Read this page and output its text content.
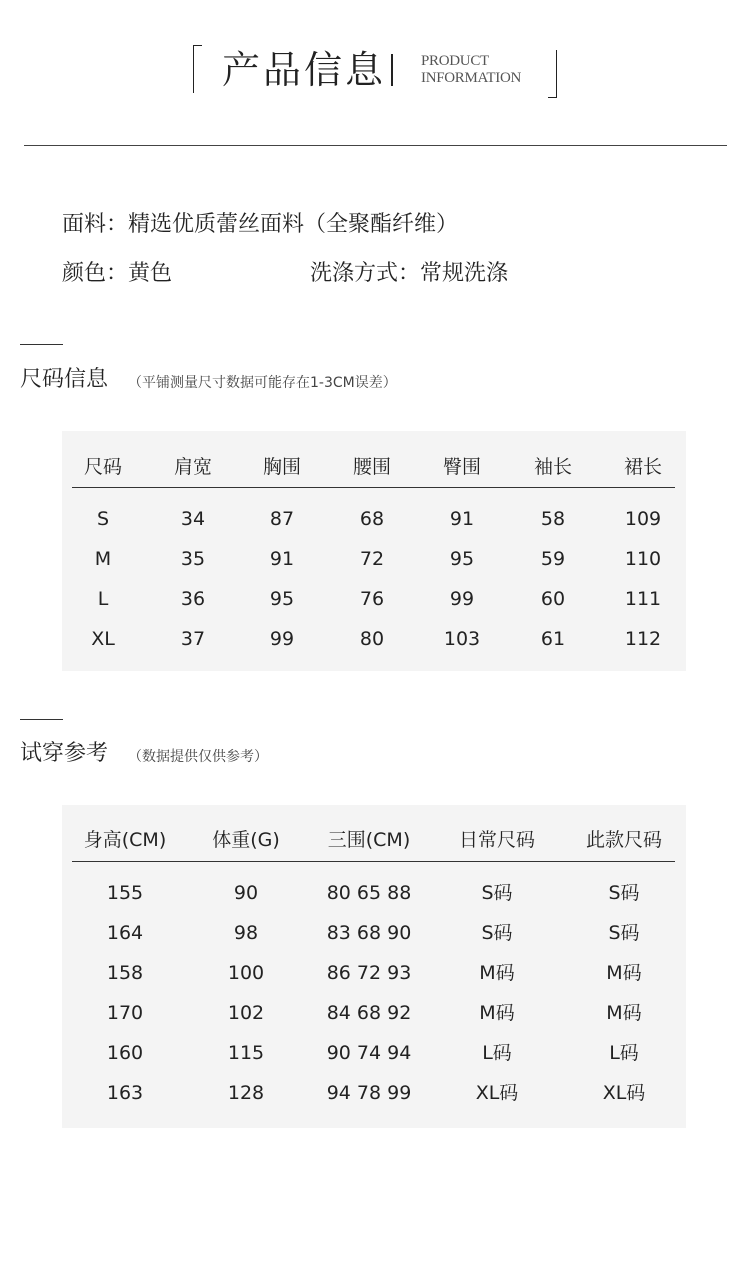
产品信息 PRODUCT
INFORMATION
面料：精选优质蕾丝面料（全聚酯纤维）
颜色：黄色	洗涤方式：常规洗涤
尺码信息 （平铺测量尺寸数据可能存在1-3CM误差）
尺码	肩宽	胸围	腰围	臀围	袖长	裙长
S	34	87	68	91	58	109
M	35	91	72	95	59	110
L	36	95	76	99	60	111
XL	37	99	80	103	61	112
试穿参考 （数据提供仅供参考）
身高(CM) 体重(G)	三围(CM)	日常尺码	此款尺码
155	90	80 65 88	S码	S码
164	98	83 68 90	S码	S码
158	100	86 72 93	M码	M码
170	102	84 68 92	M码	M码
160	115	90 74 94	L码	L码
163	128	94 78 99	XL码	XL码
